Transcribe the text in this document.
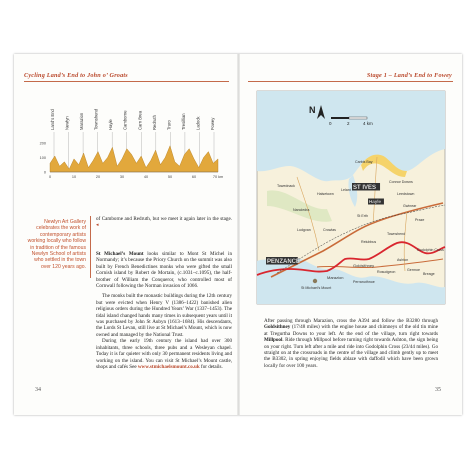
Cycling Land’s End to John o’ Groats
Land’s End Newlyn Marazion Townshend Hayle Camborne Carn Brea Redruth Truro Tresillian Ladock Fowey
200
100
0
0	10	20	30	40	50	60	70 km
Newlyn Art Gallery celebrates the work of contemporary artists working locally who follow in tradition of the famous Newlyn School of artists who settled in the town over 120 years ago.
of Camborne and Redruth, but we meet it again later in the stage. ◂

St Michael’s Mount looks similar to Mont St Michel in Normandy; it’s because the Priory Church on the summit was also built by French Benedictines monks who were gifted the small Cornish island by Robert de Mortain, (c.1031–c.1095), the half-brother of William the Conqueror, who controlled most of Cornwall following the Norman invasion of 1066.

The monks built the monastic buildings during the 12th century but were evicted when Henry V (1386–1422) banished alien religious orders during the Hundred Years’ War (1337–1453). The tidal island changed hands many times in subsequent years until it was purchased by John St Aubyn (1613–1684). His descendants, the Lords St Levan, still live at St Michael’s Mount, which is now owned and managed by the National Trust.

During the early 19th century the island had over 300 inhabitants, three schools, three pubs and a Wesleyan chapel. Today it is far quieter with only 30 permanent residents living and working on the island. You can visit St Michael’s Mount castle, shops and cafés See www.stmichaelsmount.co.uk for details.

34
Stage 1 – Land’s End to Fowey
N
0	2	4 km
ST IVES
PENZANCE
St Michael’s Mount
Marazion
Hayle
Goldsithney
Lelant
Crowlas
Ludgvan
Rosudgeon
Perranuthnoe
Carbis Bay
Leedstown
Townshend
Praze
Connor Downs
Gwinear
Relubbus
St Erth
Nancledra
Towednack
Halsetown
Germoe
Breage
Ashton
Godolphin Cross
After passing through Marazion, cross the A394 and follow the B3280 through Goldsithney (17/48 miles) with the engine house and chimneys of the old tin mine at Tregurtha Downs to your left. At the end of the village, turn right towards Millpool. Ride through Millpool before turning right towards Ashton, the sign being on your right. Turn left after a mile and ride into Godolphin Cross (23/44 miles). Go straight on at the crossroads in the centre of the village and climb gently up to meet the B3302, in spring enjoying fields ablaze with daffodil which have been grown locally for over 100 years.
35
